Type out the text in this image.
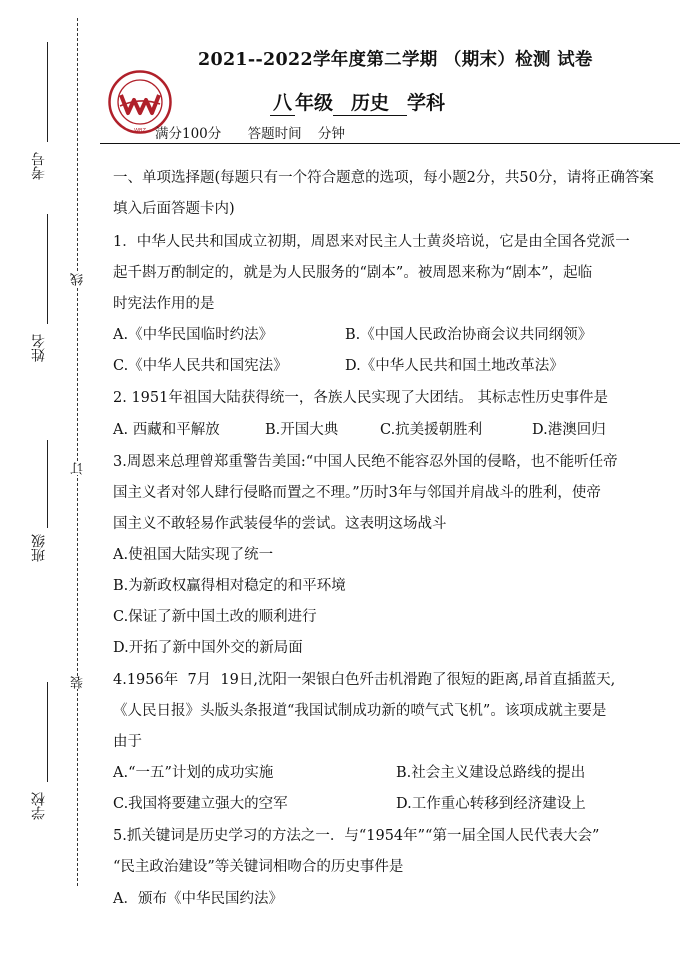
考号
姓名
班级
学校
线
订
装
WBZ
2021--2022学年度第二学期 （期末）检测 试卷
八 年级 历史 学科
满分100分 答题时间 分钟
一、单项选择题(每题只有一个符合题意的选项，每小题2分，共50分，请将正确答案
填入后面答题卡内)
1．中华人民共和国成立初期，周恩来对民主人士黄炎培说，它是由全国各党派一
起千斟万酌制定的，就是为人民服务的“剧本”。被周恩来称为“剧本”，起临
时宪法作用的是
A.《中华民国临时约法》	B.《中国人民政治协商会议共同纲领》
C.《中华人民共和国宪法》	D.《中华人民共和国土地改革法》
2. 1951年祖国大陆获得统一，各族人民实现了大团结。 其标志性历史事件是
A. 西藏和平解放	B.开国大典	C.抗美援朝胜利	D.港澳回归
3.周恩来总理曾郑重警告美国:“中国人民绝不能容忍外国的侵略，也不能听任帝
国主义者对邻人肆行侵略而置之不理。”历时3年与邻国并肩战斗的胜利，使帝
国主义不敢轻易作武装侵华的尝试。这表明这场战斗
A.使祖国大陆实现了统一
B.为新政权赢得相对稳定的和平环境
C.保证了新中国土改的顺利进行
D.开拓了新中国外交的新局面
4.1956年  7月  19日,沈阳一架银白色歼击机滑跑了很短的距离,昂首直插蓝天,
《人民日报》头版头条报道“我国试制成功新的喷气式飞机”。该项成就主要是
由于
A.“一五”计划的成功实施	B.社会主义建设总路线的提出
C.我国将要建立强大的空军	D.工作重心转移到经济建设上
5.抓关键词是历史学习的方法之一．与“1954年”“第一届全国人民代表大会”
“民主政治建设”等关键词相吻合的历史事件是
A．颁布《中华民国约法》
